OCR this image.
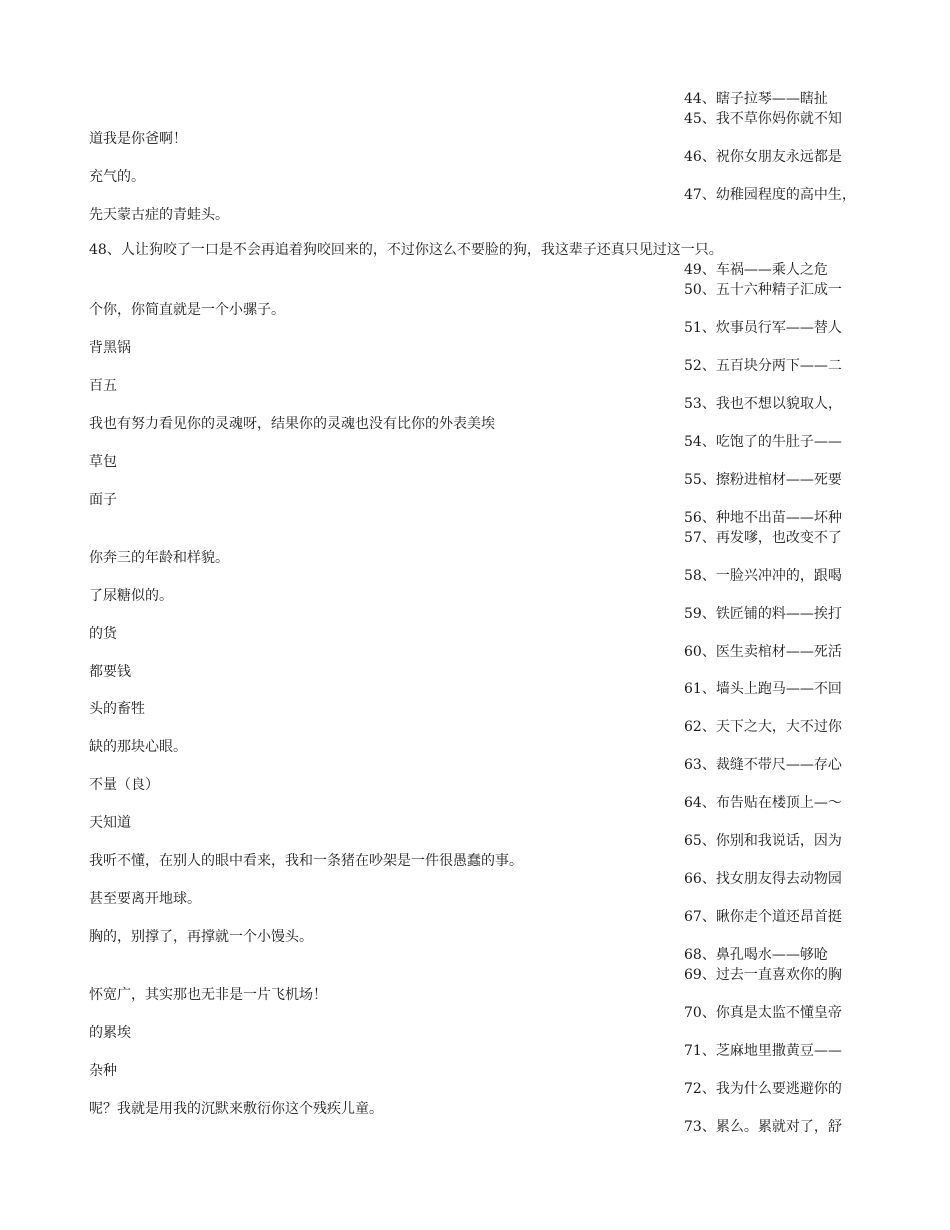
道我是你爸啊！
充气的。
先天蒙古症的青蛙头。
48、人让狗咬了一口是不会再追着狗咬回来的，不过你这么不要脸的狗，我这辈子还真只见过这一只。
个你，你简直就是一个小骡子。
背黑锅
百五
我也有努力看见你的灵魂呀，结果你的灵魂也没有比你的外表美埃
草包
面子
你奔三的年龄和样貌。
了尿糖似的。
的货
都要钱
头的畜牲
缺的那块心眼。
不量（良）
天知道
我听不懂，在别人的眼中看来，我和一条猪在吵架是一件很愚蠢的事。
甚至要离开地球。
胸的，别撑了，再撑就一个小馒头。
怀宽广，其实那也无非是一片飞机场！
的累埃
杂种
呢？我就是用我的沉默来敷衍你这个残疾儿童。
44、瞎子拉琴——瞎扯
45、我不草你妈你就不知
46、祝你女朋友永远都是
47、幼稚园程度的高中生，
49、车祸——乘人之危
50、五十六种精子汇成一
51、炊事员行军——替人
52、五百块分两下——二
53、我也不想以貌取人，
54、吃饱了的牛肚子——
55、擦粉进棺材——死要
56、种地不出苗——坏种
57、再发嗲，也改变不了
58、一脸兴冲冲的，跟喝
59、铁匠铺的料——挨打
60、医生卖棺材——死活
61、墙头上跑马——不回
62、天下之大，大不过你
63、裁缝不带尺——存心
64、布告贴在楼顶上—～
65、你别和我说话，因为
66、找女朋友得去动物园
67、瞅你走个道还昂首挺
68、鼻孔喝水——够呛
69、过去一直喜欢你的胸
70、你真是太监不懂皇帝
71、芝麻地里撒黄豆——
72、我为什么要逃避你的
73、累么。累就对了，舒
